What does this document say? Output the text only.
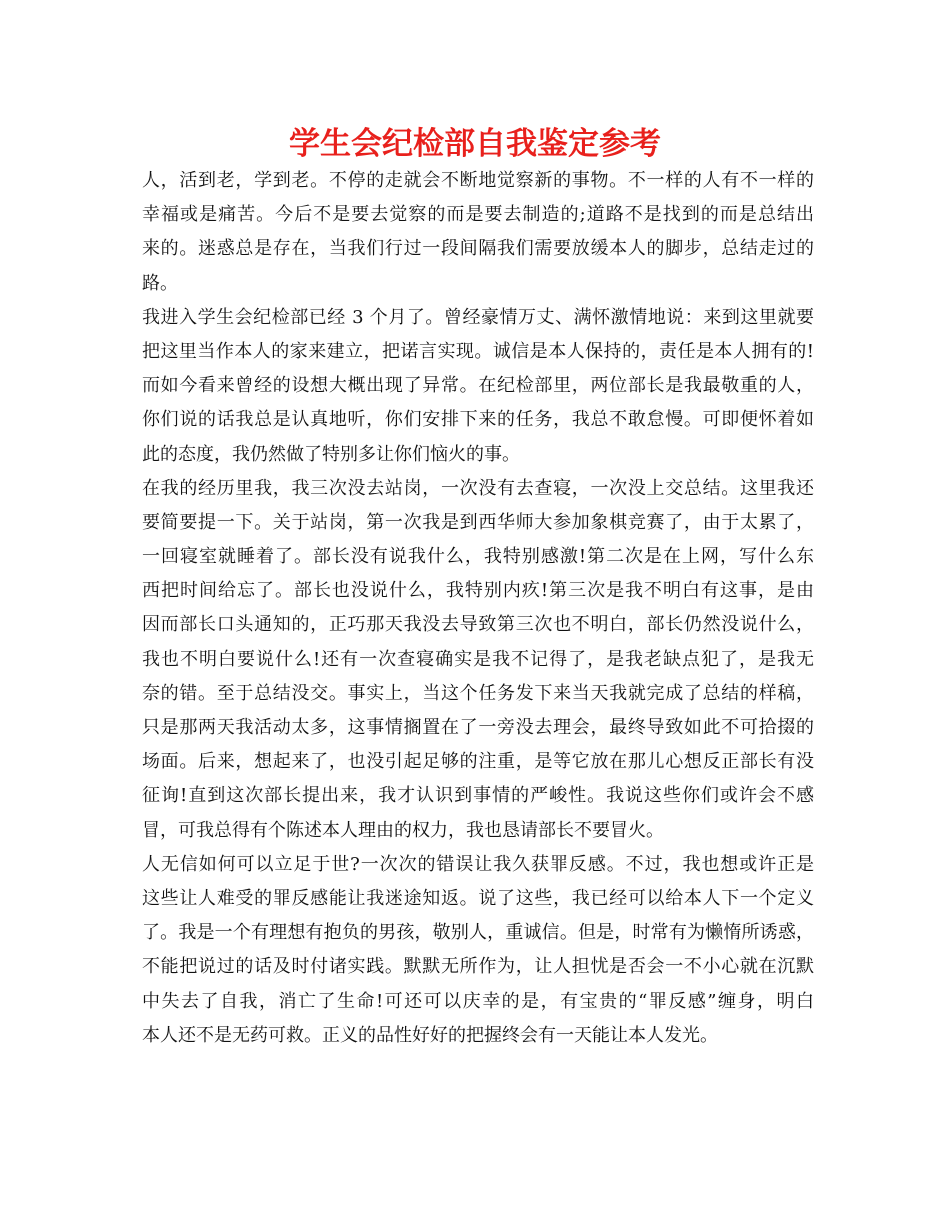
学生会纪检部自我鉴定参考
人，活到老，学到老。不停的走就会不断地觉察新的事物。不一样的人有不一样的
幸福或是痛苦。今后不是要去觉察的而是要去制造的;道路不是找到的而是总结出
来的。迷惑总是存在，当我们行过一段间隔我们需要放缓本人的脚步，总结走过的
路。
我进入学生会纪检部已经 3 个月了。曾经豪情万丈、满怀激情地说：来到这里就要
把这里当作本人的家来建立，把诺言实现。诚信是本人保持的，责任是本人拥有的!
而如今看来曾经的设想大概出现了异常。在纪检部里，两位部长是我最敬重的人，
你们说的话我总是认真地听，你们安排下来的任务，我总不敢怠慢。可即便怀着如
此的态度，我仍然做了特别多让你们恼火的事。
在我的经历里我，我三次没去站岗，一次没有去查寝，一次没上交总结。这里我还
要简要提一下。关于站岗，第一次我是到西华师大参加象棋竞赛了，由于太累了，
一回寝室就睡着了。部长没有说我什么，我特别感激!第二次是在上网，写什么东
西把时间给忘了。部长也没说什么，我特别内疚!第三次是我不明白有这事，是由
因而部长口头通知的，正巧那天我没去导致第三次也不明白，部长仍然没说什么，
我也不明白要说什么!还有一次查寝确实是我不记得了，是我老缺点犯了，是我无
奈的错。至于总结没交。事实上，当这个任务发下来当天我就完成了总结的样稿，
只是那两天我活动太多，这事情搁置在了一旁没去理会，最终导致如此不可拾掇的
场面。后来，想起来了，也没引起足够的注重，是等它放在那儿心想反正部长有没
征询!直到这次部长提出来，我才认识到事情的严峻性。我说这些你们或许会不感
冒，可我总得有个陈述本人理由的权力，我也恳请部长不要冒火。
人无信如何可以立足于世?一次次的错误让我久获罪反感。不过，我也想或许正是
这些让人难受的罪反感能让我迷途知返。说了这些，我已经可以给本人下一个定义
了。我是一个有理想有抱负的男孩，敬别人，重诚信。但是，时常有为懒惰所诱惑，
不能把说过的话及时付诸实践。默默无所作为，让人担忧是否会一不小心就在沉默
中失去了自我，消亡了生命!可还可以庆幸的是，有宝贵的“罪反感”缠身，明白
本人还不是无药可救。正义的品性好好的把握终会有一天能让本人发光。
